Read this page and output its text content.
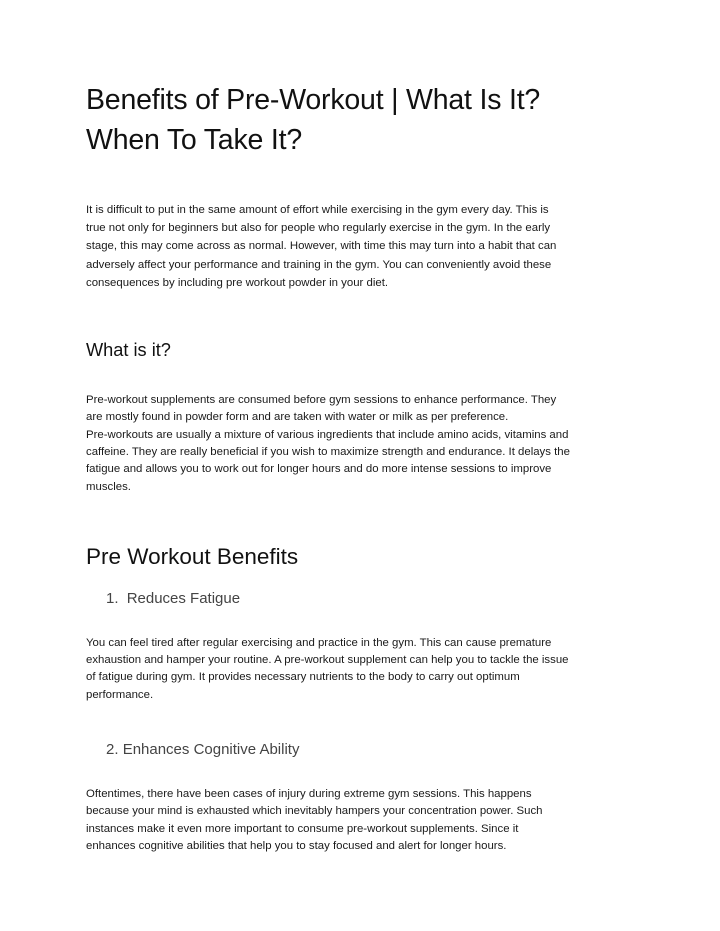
Benefits of Pre-Workout | What Is It?
When To Take It?

It is difficult to put in the same amount of effort while exercising in the gym every day. This is
true not only for beginners but also for people who regularly exercise in the gym. In the early
stage, this may come across as normal. However, with time this may turn into a habit that can
adversely affect your performance and training in the gym. You can conveniently avoid these
consequences by including pre workout powder in your diet.

What is it?

Pre-workout supplements are consumed before gym sessions to enhance performance. They
are mostly found in powder form and are taken with water or milk as per preference.
Pre-workouts are usually a mixture of various ingredients that include amino acids, vitamins and
caffeine. They are really beneficial if you wish to maximize strength and endurance. It delays the
fatigue and allows you to work out for longer hours and do more intense sessions to improve
muscles.

Pre Workout Benefits
1. Reduces Fatigue

You can feel tired after regular exercising and practice in the gym. This can cause premature
exhaustion and hamper your routine. A pre-workout supplement can help you to tackle the issue
of fatigue during gym. It provides necessary nutrients to the body to carry out optimum
performance.

2. Enhances Cognitive Ability

Oftentimes, there have been cases of injury during extreme gym sessions. This happens
because your mind is exhausted which inevitably hampers your concentration power. Such
instances make it even more important to consume pre-workout supplements. Since it
enhances cognitive abilities that help you to stay focused and alert for longer hours.
